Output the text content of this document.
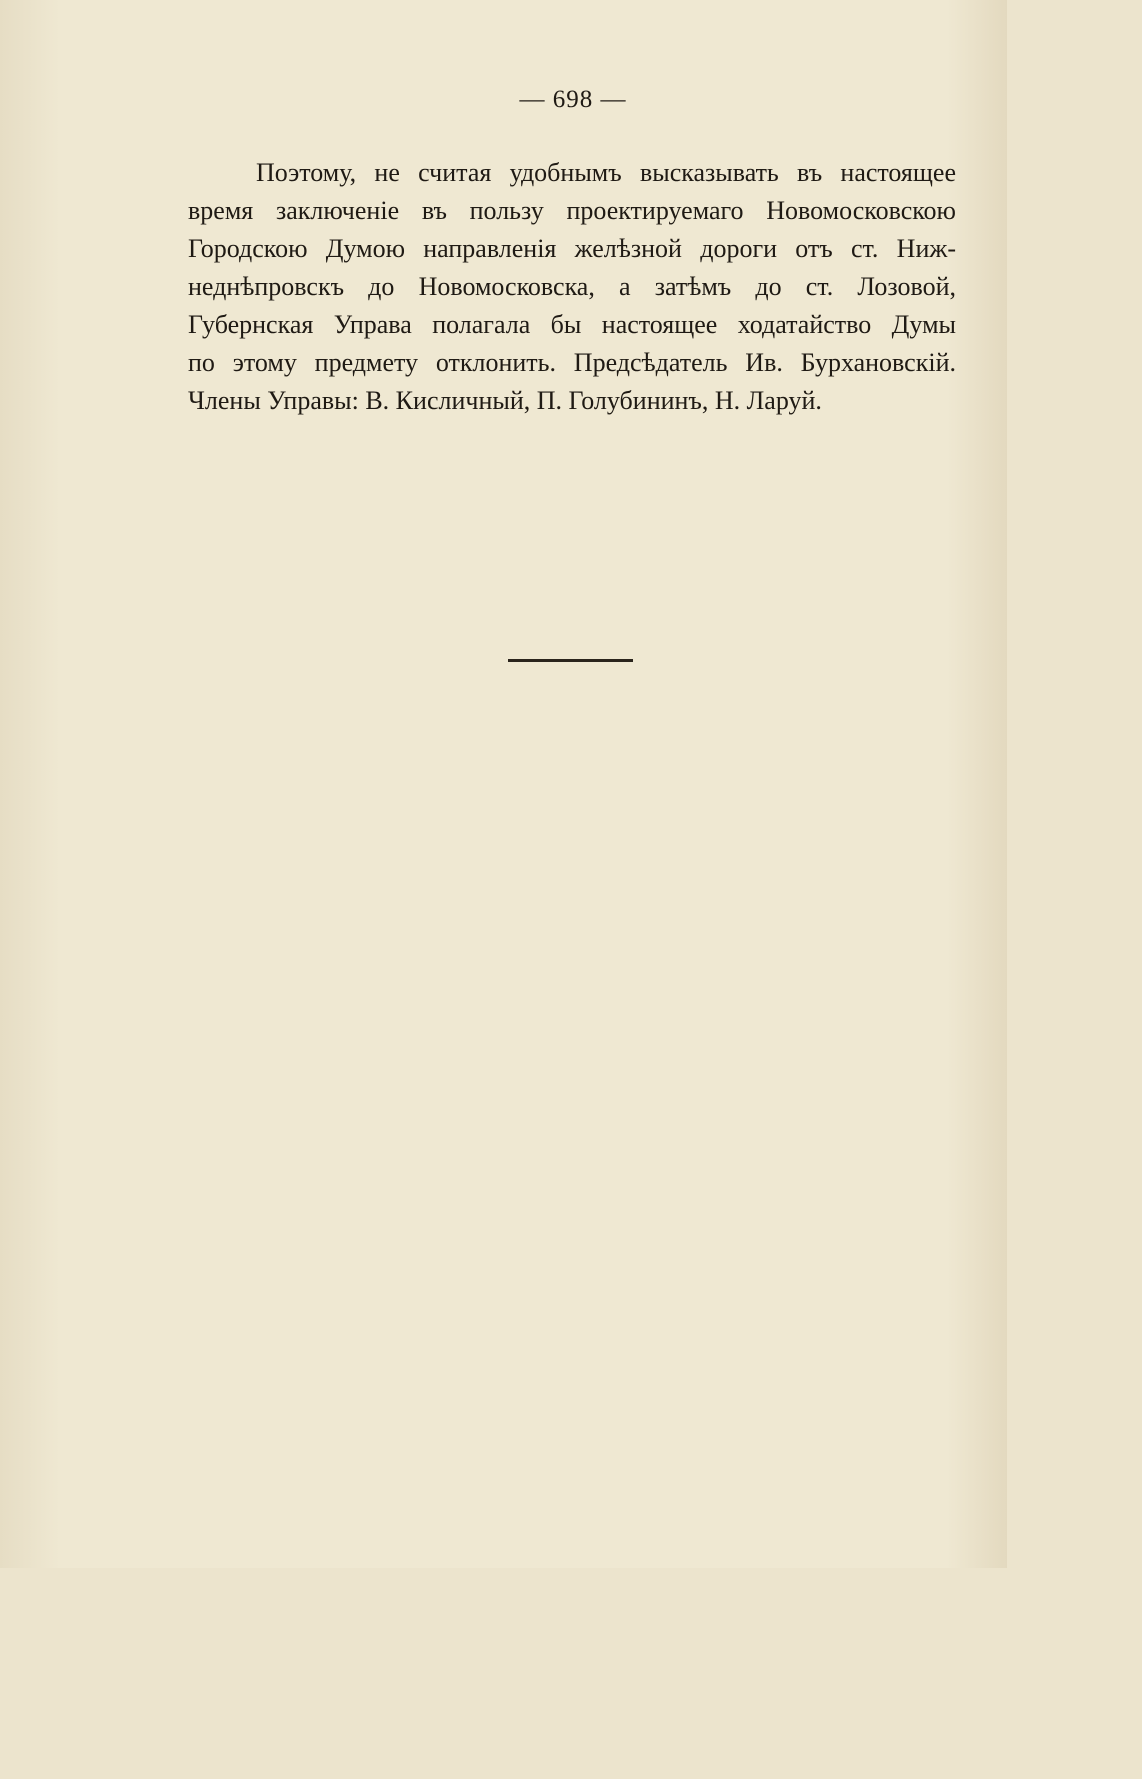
— 698 —
Поэтому, не считая удобнымъ высказывать въ настоящее
время заключеніе въ пользу проектируемаго Новомосковскою
Городскою Думою направленія желѣзной дороги отъ ст. Ниж-
неднѣпровскъ до Новомосковска, а затѣмъ до ст. Лозовой,
Губернская Управа полагала бы настоящее ходатайство Думы
по этому предмету отклонить. Предсѣдатель Ив. Бурхановскій.
Члены Управы: В. Кисличный, П. Голубининъ, Н. Ларуй.
